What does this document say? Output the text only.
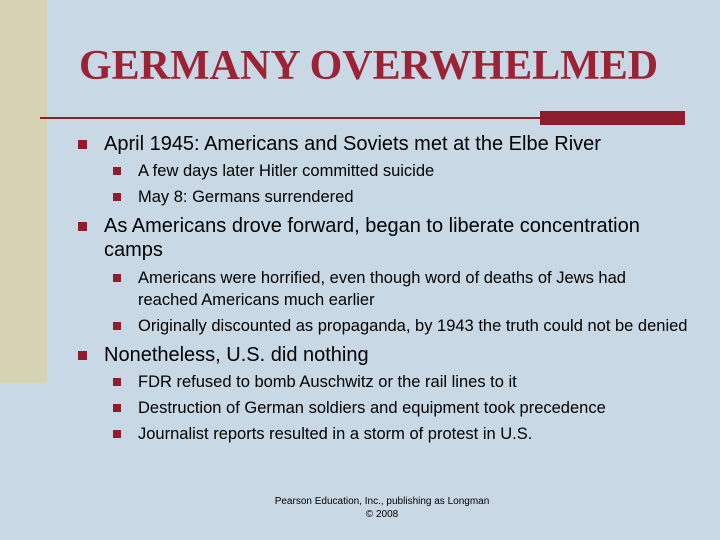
GERMANY OVERWHELMED
April 1945: Americans and Soviets met at the Elbe River
A few days later Hitler committed suicide
May 8: Germans surrendered
As Americans drove forward, began to liberate concentration camps
Americans were horrified, even though word of deaths of Jews had reached Americans much earlier
Originally discounted as propaganda, by 1943 the truth could not be denied
Nonetheless, U.S. did nothing
FDR refused to bomb Auschwitz or the rail lines to it
Destruction of German soldiers and equipment took precedence
Journalist reports resulted in a storm of protest in U.S.
Pearson Education, Inc., publishing as Longman
© 2008
